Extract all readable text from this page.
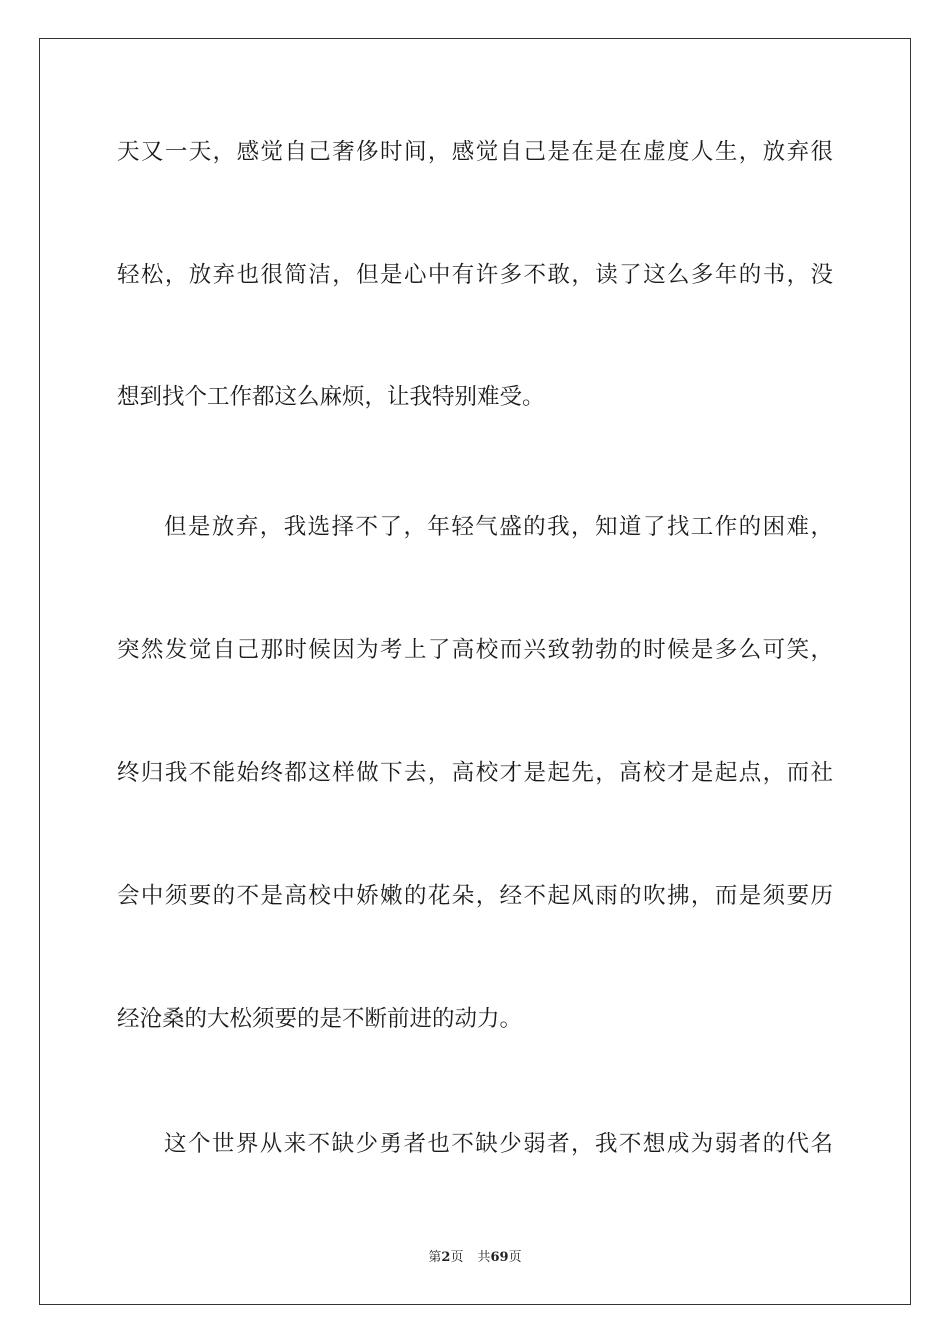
天又一天，感觉自己奢侈时间，感觉自己是在是在虚度人生，放弃很
轻松，放弃也很简洁，但是心中有许多不敢，读了这么多年的书，没
想到找个工作都这么麻烦，让我特别难受。
但是放弃，我选择不了，年轻气盛的我，知道了找工作的困难，
突然发觉自己那时候因为考上了高校而兴致勃勃的时候是多么可笑，
终归我不能始终都这样做下去，高校才是起先，高校才是起点，而社
会中须要的不是高校中娇嫩的花朵，经不起风雨的吹拂，而是须要历
经沧桑的大松须要的是不断前进的动力。
这个世界从来不缺少勇者也不缺少弱者，我不想成为弱者的代名
第2页 共69页
